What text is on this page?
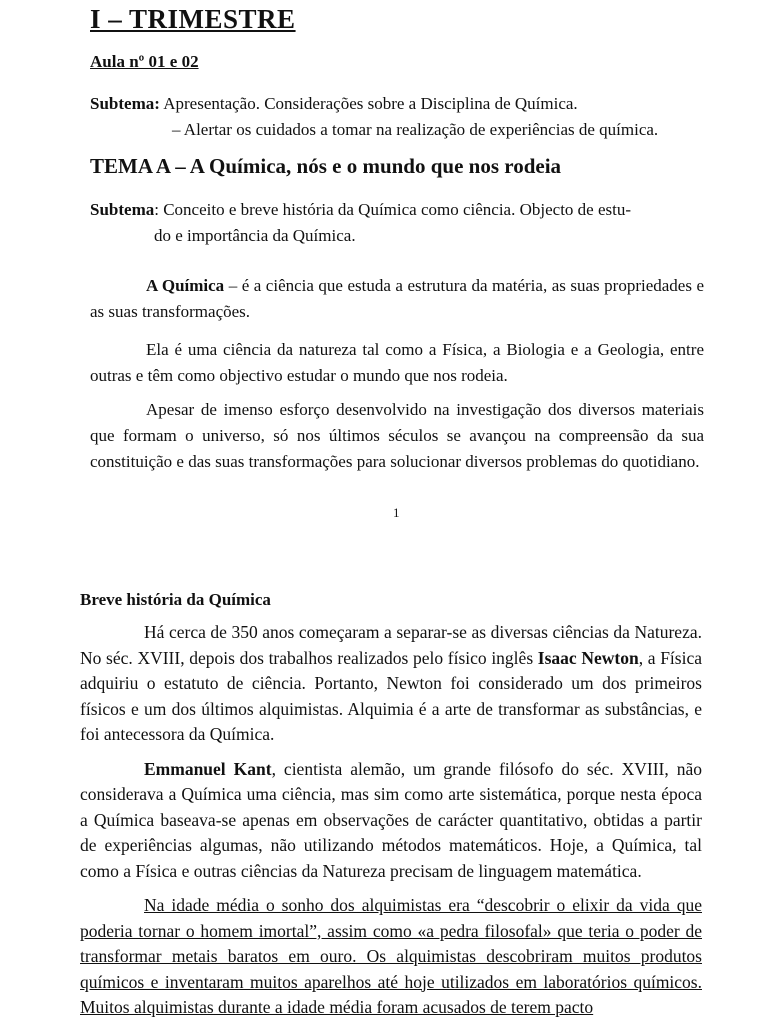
I – TRIMESTRE
Aula nº 01 e 02
Subtema: Apresentação. Considerações sobre a Disciplina de Química.
– Alertar os cuidados a tomar na realização de experiências de química.
TEMA A – A Química, nós e o mundo que nos rodeia
Subtema: Conceito e breve história da Química como ciência. Objecto de estu-
do e importância da Química.

A Química – é a ciência que estuda a estrutura da matéria, as suas propriedades e as suas transformações.

Ela é uma ciência da natureza tal como a Física, a Biologia e a Geologia, entre outras e têm como objectivo estudar o mundo que nos rodeia.

Apesar de imenso esforço desenvolvido na investigação dos diversos materiais que formam o universo, só nos últimos séculos se avançou na compreensão da sua constituição e das suas transformações para solucionar diversos problemas do quotidiano.

1
Breve história da Química

Há cerca de 350 anos começaram a separar-se as diversas ciências da Natureza. No séc. XVIII, depois dos trabalhos realizados pelo físico inglês Isaac Newton, a Física adquiriu o estatuto de ciência. Portanto, Newton foi considerado um dos primeiros físicos e um dos últimos alquimistas. Alquimia é a arte de transformar as substâncias, e foi antecessora da Química.

Emmanuel Kant, cientista alemão, um grande filósofo do séc. XVIII, não considerava a Química uma ciência, mas sim como arte sistemática, porque nesta época a Química baseava-se apenas em observações de carácter quantitativo, obtidas a partir de experiências algumas, não utilizando métodos matemáticos. Hoje, a Química, tal como a Física e outras ciências da Natureza precisam de linguagem matemática.

Na idade média o sonho dos alquimistas era “descobrir o elixir da vida que poderia tornar o homem imortal”, assim como «a pedra filosofal» que teria o poder de transformar metais baratos em ouro. Os alquimistas descobriram muitos produtos químicos e inventaram muitos aparelhos até hoje utilizados em laboratórios químicos. Muitos alquimistas durante a idade média foram acusados de terem pacto
